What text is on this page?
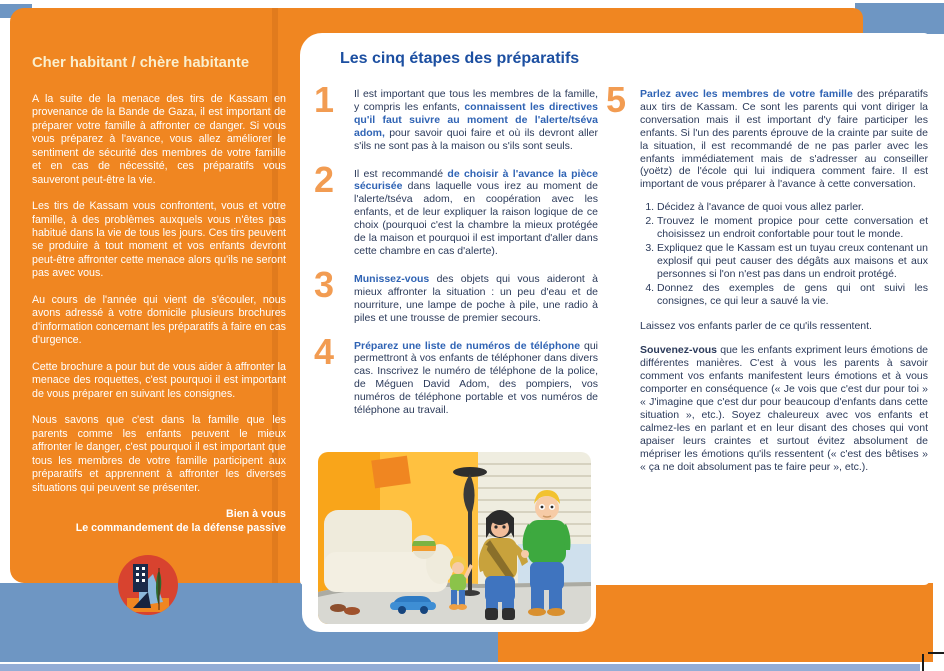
Cher habitant / chère habitante

A la suite de la menace des tirs de Kassam en provenance de la Bande de Gaza, il est important de préparer votre famille à affronter ce danger. Si vous vous préparez à l'avance, vous allez améliorer le sentiment de sécurité des membres de votre famille et en cas de nécessité, ces préparatifs vous sauveront peut-être la vie.

Les tirs de Kassam vous confrontent, vous et votre famille, à des problèmes auxquels vous n'êtes pas habitué dans la vie de tous les jours. Ces tirs peuvent se produire à tout moment et vos enfants devront peut-être affronter cette menace alors qu'ils ne seront pas avec vous.

Au cours de l'année qui vient de s'écouler, nous avons adressé à votre domicile plusieurs brochures d'information concernant les préparatifs à faire en cas d'urgence.

Cette brochure a pour but de vous aider à affronter la menace des roquettes, c'est pourquoi il est important de vous préparer en suivant les consignes.

Nous savons que c'est dans la famille que les parents comme les enfants peuvent le mieux affronter le danger, c'est pourquoi il est important que tous les membres de votre famille participent aux préparatifs et apprennent à affronter les diverses situations qui peuvent se présenter.

Bien à vous
Le commandement de la défense passive
Les cinq étapes des préparatifs
1 Il est important que tous les membres de la famille, y compris les enfants, connaissent les directives qu'il faut suivre au moment de l'alerte/tséva adom, pour savoir quoi faire et où ils devront aller s'ils ne sont pas à la maison ou s'ils sont seuls.
2 Il est recommandé de choisir à l'avance la pièce sécurisée dans laquelle vous irez au moment de l'alerte/tséva adom, en coopération avec les enfants, et de leur expliquer la raison logique de ce choix (pourquoi c'est la chambre la mieux protégée de la maison et pourquoi il est important d'aller dans cette chambre en cas d'alerte).
3 Munissez-vous des objets qui vous aideront à mieux affronter la situation : un peu d'eau et de nourriture, une lampe de poche à pile, une radio à piles et une trousse de premier secours.
4 Préparez une liste de numéros de téléphone qui permettront à vos enfants de téléphoner dans divers cas. Inscrivez le numéro de téléphone de la police, de Méguen David Adom, des pompiers, vos numéros de téléphone portable et vos numéros de téléphone au travail.
5 Parlez avec les membres de votre famille des préparatifs aux tirs de Kassam. Ce sont les parents qui vont diriger la conversation mais il est important d'y faire participer les enfants. Si l'un des parents éprouve de la crainte par suite de la situation, il est recommandé de ne pas parler avec les enfants immédiatement mais de s'adresser au conseiller (yoëtz) de l'école qui lui indiquera comment faire. Il est important de vous préparer à l'avance à cette conversation.
1. Décidez à l'avance de quoi vous allez parler.
2. Trouvez le moment propice pour cette conversation et choisissez un endroit confortable pour tout le monde.
3. Expliquez que le Kassam est un tuyau creux contenant un explosif qui peut causer des dégâts aux maisons et aux personnes si l'on n'est pas dans un endroit protégé.
4. Donnez des exemples de gens qui ont suivi les consignes, ce qui leur a sauvé la vie.

Laissez vos enfants parler de ce qu'ils ressentent.

Souvenez-vous que les enfants expriment leurs émotions de différentes manières. C'est à vous les parents à savoir comment vos enfants manifestent leurs émotions et à vous comporter en conséquence (« Je vois que c'est dur pour toi » « J'imagine que c'est dur pour beaucoup d'enfants dans cette situation », etc.). Soyez chaleureux avec vos enfants et calmez-les en parlant et en leur disant des choses qui vont apaiser leurs craintes et surtout évitez absolument de mépriser les émotions qu'ils ressentent (« c'est des bêtises » « ça ne doit absolument pas te faire peur », etc.).
